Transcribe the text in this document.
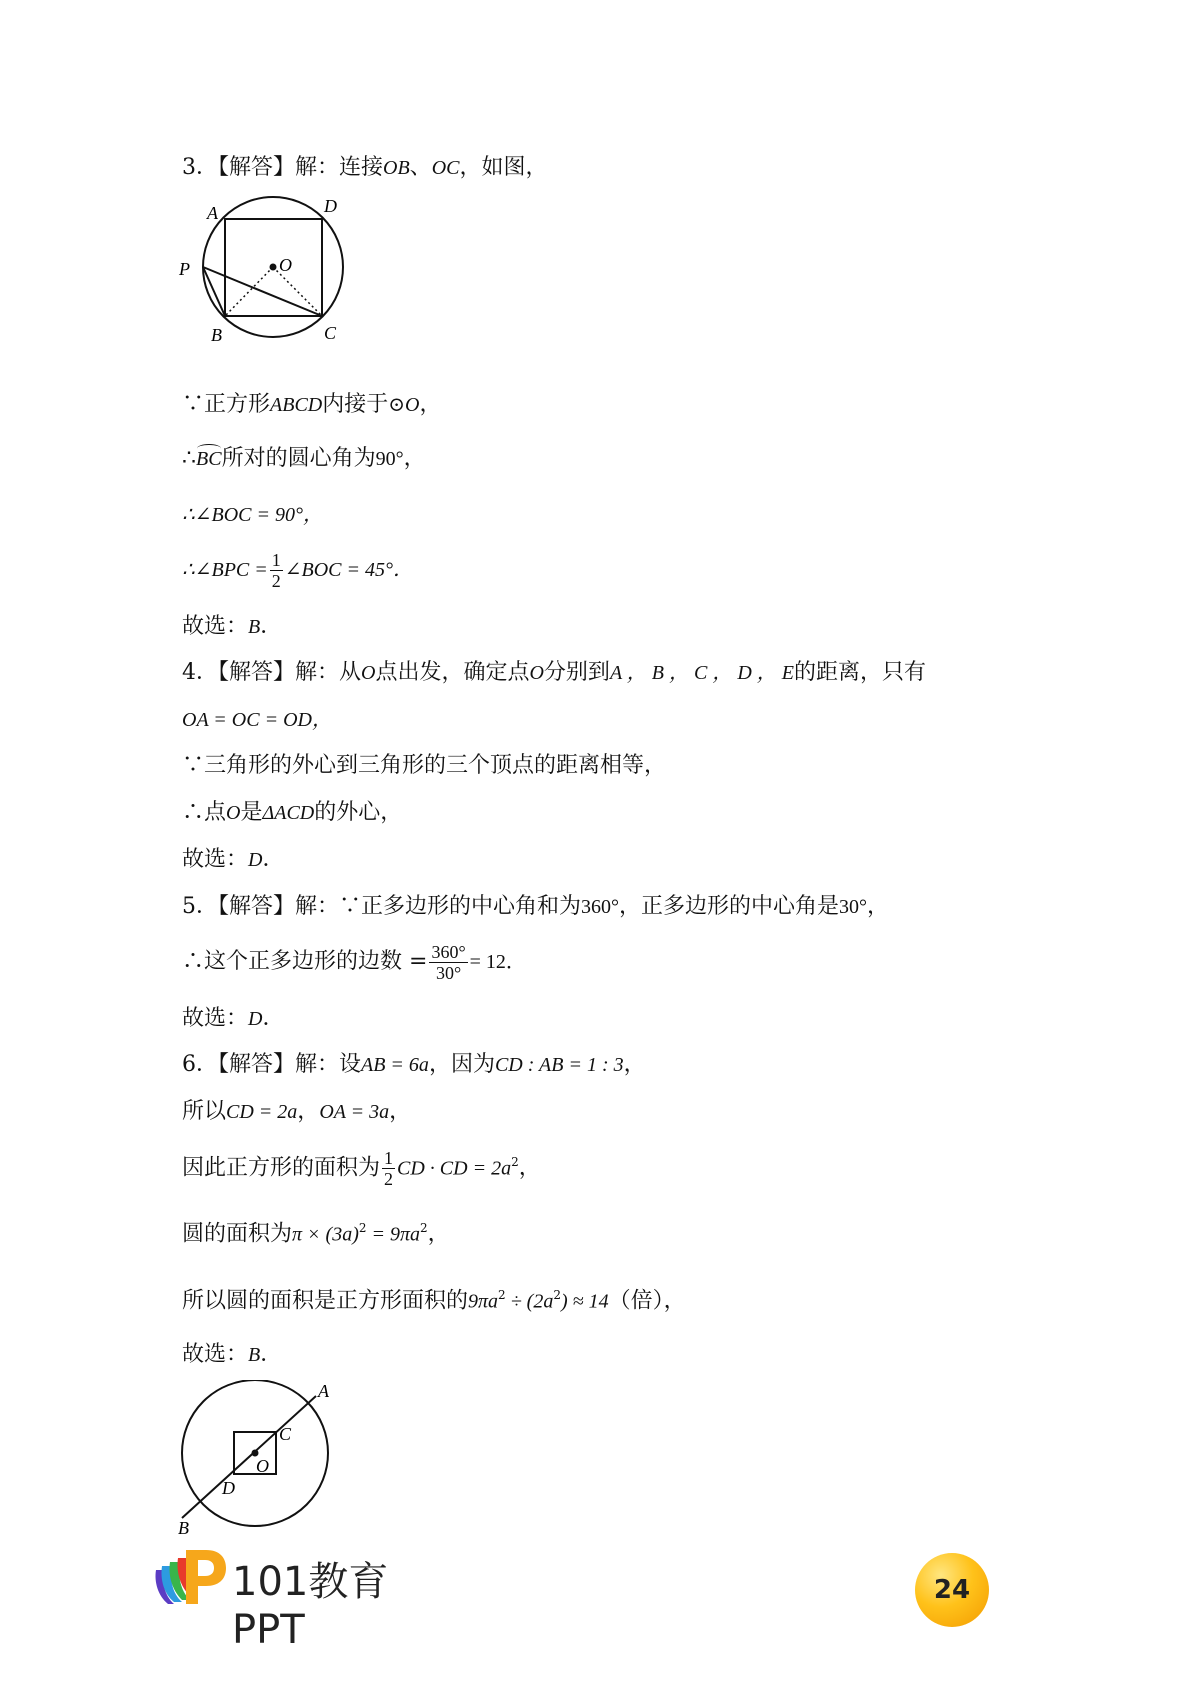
3．【解答】解：连接OB、OC，如图，
A	D
P	O
B	C
∵正方形ABCD内接于⊙O，
∴BC所对的圆心角为90°，
∴∠BOC = 90°，
∴∠BPC = $\frac{1}{2}$ ∠BOC = 45°．
故选：B．
4．【解答】解：从O点出发，确定点O分别到A ， B ， C ， D ， E的距离，只有
OA = OC = OD，
∵三角形的外心到三角形的三个顶点的距离相等，
∴点O是ΔACD的外心，
故选：D．
5．【解答】解：∵正多边形的中心角和为360°，正多边形的中心角是30°，
∴这个正多边形的边数 = $\frac{360^\circ}{30^\circ} = 12$．
故选：D．
6．【解答】解：设AB = 6a，因为CD : AB = 1 : 3，
所以CD = 2a，OA = 3a，
因此正方形的面积为 $\frac{1}{2}$ CD · CD = $2a^2$，
圆的面积为$\pi \times (3a)^2 = 9\pi a^2$，
所以圆的面积是正方形面积的$9\pi a^2 \div (2a^2) \approx 14$（倍），
故选：B．
A
C
O
D
B
101教育PPT
24
